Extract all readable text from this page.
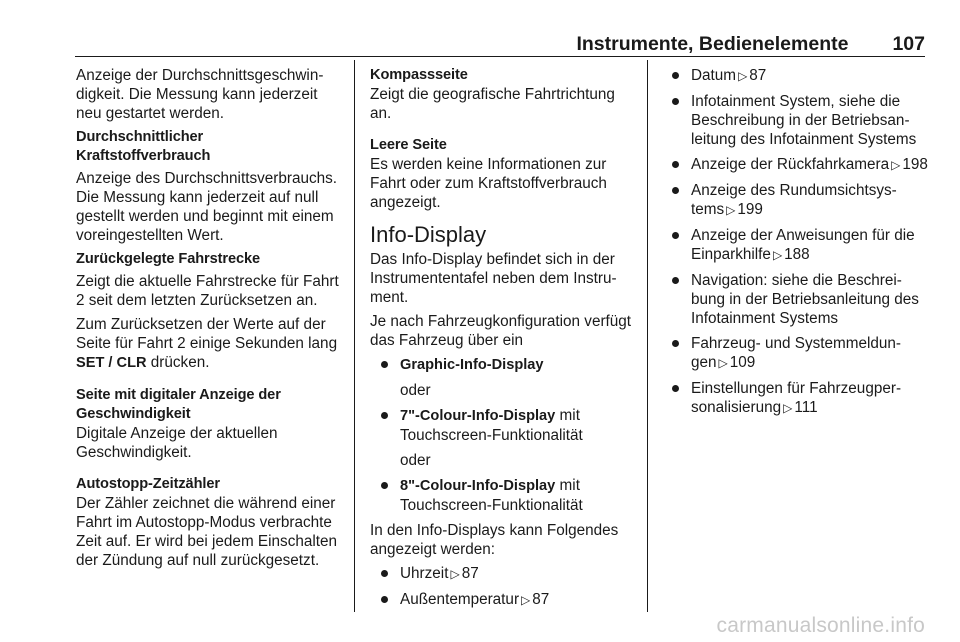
Instrumente, Bedienelemente 107

Anzeige der Durchschnittsgeschwindigkeit. Die Messung kann jederzeit neu gestartet werden.

Durchschnittlicher Kraftstoffverbrauch

Anzeige des Durchschnittsverbrauchs. Die Messung kann jederzeit auf null gestellt werden und beginnt mit einem voreingestellten Wert.

Zurückgelegte Fahrstrecke

Zeigt die aktuelle Fahrstrecke für Fahrt 2 seit dem letzten Zurücksetzen an.

Zum Zurücksetzen der Werte auf der Seite für Fahrt 2 einige Sekunden lang SET / CLR drücken.

Seite mit digitaler Anzeige der Geschwindigkeit

Digitale Anzeige der aktuellen Geschwindigkeit.

Autostopp-Zeitzähler

Der Zähler zeichnet die während einer Fahrt im Autostopp-Modus verbrachte Zeit auf. Er wird bei jedem Einschalten der Zündung auf null zurückgesetzt.

Kompassseite

Zeigt die geografische Fahrtrichtung an.

Leere Seite

Es werden keine Informationen zur Fahrt oder zum Kraftstoffverbrauch angezeigt.

Info-Display

Das Info-Display befindet sich in der Instrumententafel neben dem Instrument.

Je nach Fahrzeugkonfiguration verfügt das Fahrzeug über ein

Graphic-Info-Display
oder
7"-Colour-Info-Display mit Touchscreen-Funktionalität
oder
8"-Colour-Info-Display mit Touchscreen-Funktionalität

In den Info-Displays kann Folgendes angezeigt werden:

Uhrzeit ▷ 87
Außentemperatur ▷ 87
Datum ▷ 87
Infotainment System, siehe die Beschreibung in der Betriebsanleitung des Infotainment Systems
Anzeige der Rückfahrkamera ▷ 198
Anzeige des Rundumsichtsystems ▷ 199
Anzeige der Anweisungen für die Einparkhilfe ▷ 188
Navigation: siehe die Beschreibung in der Betriebsanleitung des Infotainment Systems
Fahrzeug- und Systemmeldungen ▷ 109
Einstellungen für Fahrzeugpersonalisierung ▷ 111
carmanualsonline.info
